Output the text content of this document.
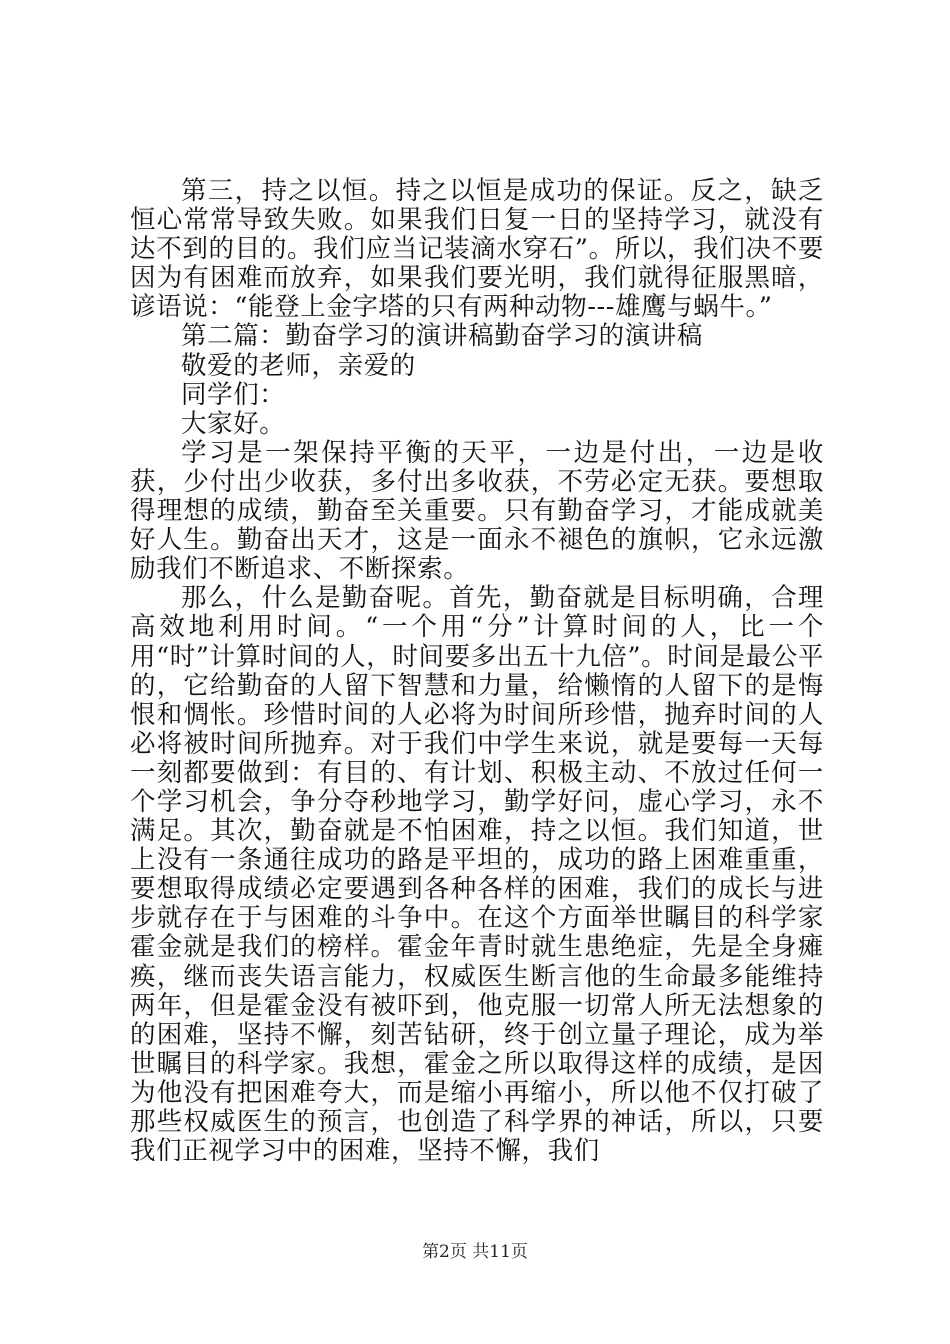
第三，持之以恒。持之以恒是成功的保证。反之，缺乏恒心常常导致失败。如果我们日复一日的坚持学习，就没有达不到的目的。我们应当记装滴水穿石”。所以，我们决不要因为有困难而放弃，如果我们要光明，我们就得征服黑暗，谚语说：“能登上金字塔的只有两种动物---雄鹰与蜗牛。”

第二篇：勤奋学习的演讲稿勤奋学习的演讲稿

敬爱的老师，亲爱的

同学们：

大家好。

学习是一架保持平衡的天平，一边是付出，一边是收获，少付出少收获，多付出多收获，不劳必定无获。要想取得理想的成绩，勤奋至关重要。只有勤奋学习，才能成就美好人生。勤奋出天才，这是一面永不褪色的旗帜，它永远激励我们不断追求、不断探索。

那么，什么是勤奋呢。首先，勤奋就是目标明确，合理高效地利用时间。“一个用“分”计算时间的人，比一个用“时”计算时间的人，时间要多出五十九倍”。时间是最公平的，它给勤奋的人留下智慧和力量，给懒惰的人留下的是悔恨和惆怅。珍惜时间的人必将为时间所珍惜，抛弃时间的人必将被时间所抛弃。对于我们中学生来说，就是要每一天每一刻都要做到：有目的、有计划、积极主动、不放过任何一个学习机会，争分夺秒地学习，勤学好问，虚心学习，永不满足。其次，勤奋就是不怕困难，持之以恒。我们知道，世上没有一条通往成功的路是平坦的，成功的路上困难重重，要想取得成绩必定要遇到各种各样的困难，我们的成长与进步就存在于与困难的斗争中。在这个方面举世瞩目的科学家霍金就是我们的榜样。霍金年青时就生患绝症，先是全身瘫痪，继而丧失语言能力，权威医生断言他的生命最多能维持两年，但是霍金没有被吓到，他克服一切常人所无法想象的的困难，坚持不懈，刻苦钻研，终于创立量子理论，成为举世瞩目的科学家。我想，霍金之所以取得这样的成绩，是因为他没有把困难夸大，而是缩小再缩小，所以他不仅打破了那些权威医生的预言，也创造了科学界的神话，所以，只要我们正视学习中的困难，坚持不懈，我们

第2页 共11页
